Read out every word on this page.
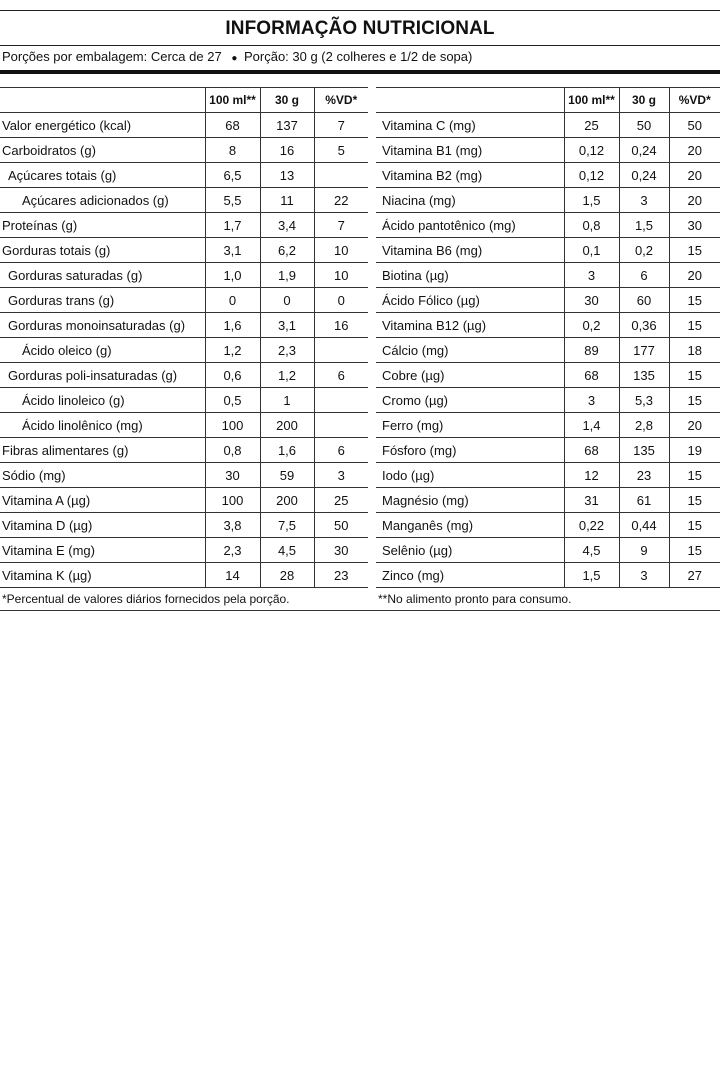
INFORMAÇÃO NUTRICIONAL
Porções por embalagem: Cerca de 27 ● Porção: 30 g (2 colheres e 1/2 de sopa)
	100 ml**	30 g	%VD*			100 ml**	30 g	%VD*
Valor energético (kcal)	68	137	7		Vitamina C (mg)	25	50	50
Carboidratos (g)	8	16	5		Vitamina B1 (mg)	0,12	0,24	20
Açúcares totais (g)	6,5	13			Vitamina B2 (mg)	0,12	0,24	20
Açúcares adicionados (g)	5,5	11	22		Niacina (mg)	1,5	3	20
Proteínas (g)	1,7	3,4	7		Ácido pantotênico (mg)	0,8	1,5	30
Gorduras totais (g)	3,1	6,2	10		Vitamina B6 (mg)	0,1	0,2	15
Gorduras saturadas (g)	1,0	1,9	10		Biotina (µg)	3	6	20
Gorduras trans (g)	0	0	0		Ácido Fólico (µg)	30	60	15
Gorduras monoinsaturadas (g)	1,6	3,1	16		Vitamina B12 (µg)	0,2	0,36	15
Ácido oleico (g)	1,2	2,3			Cálcio (mg)	89	177	18
Gorduras poli-insaturadas (g)	0,6	1,2	6		Cobre (µg)	68	135	15
Ácido linoleico (g)	0,5	1			Cromo (µg)	3	5,3	15
Ácido linolênico (mg)	100	200			Ferro (mg)	1,4	2,8	20
Fibras alimentares (g)	0,8	1,6	6		Fósforo (mg)	68	135	19
Sódio (mg)	30	59	3		Iodo (µg)	12	23	15
Vitamina A (µg)	100	200	25		Magnésio (mg)	31	61	15
Vitamina D (µg)	3,8	7,5	50		Manganês (mg)	0,22	0,44	15
Vitamina E (mg)	2,3	4,5	30		Selênio (µg)	4,5	9	15
Vitamina K (µg)	14	28	23		Zinco (mg)	1,5	3	27
*Percentual de valores diários fornecidos pela porção.	**No alimento pronto para consumo.
